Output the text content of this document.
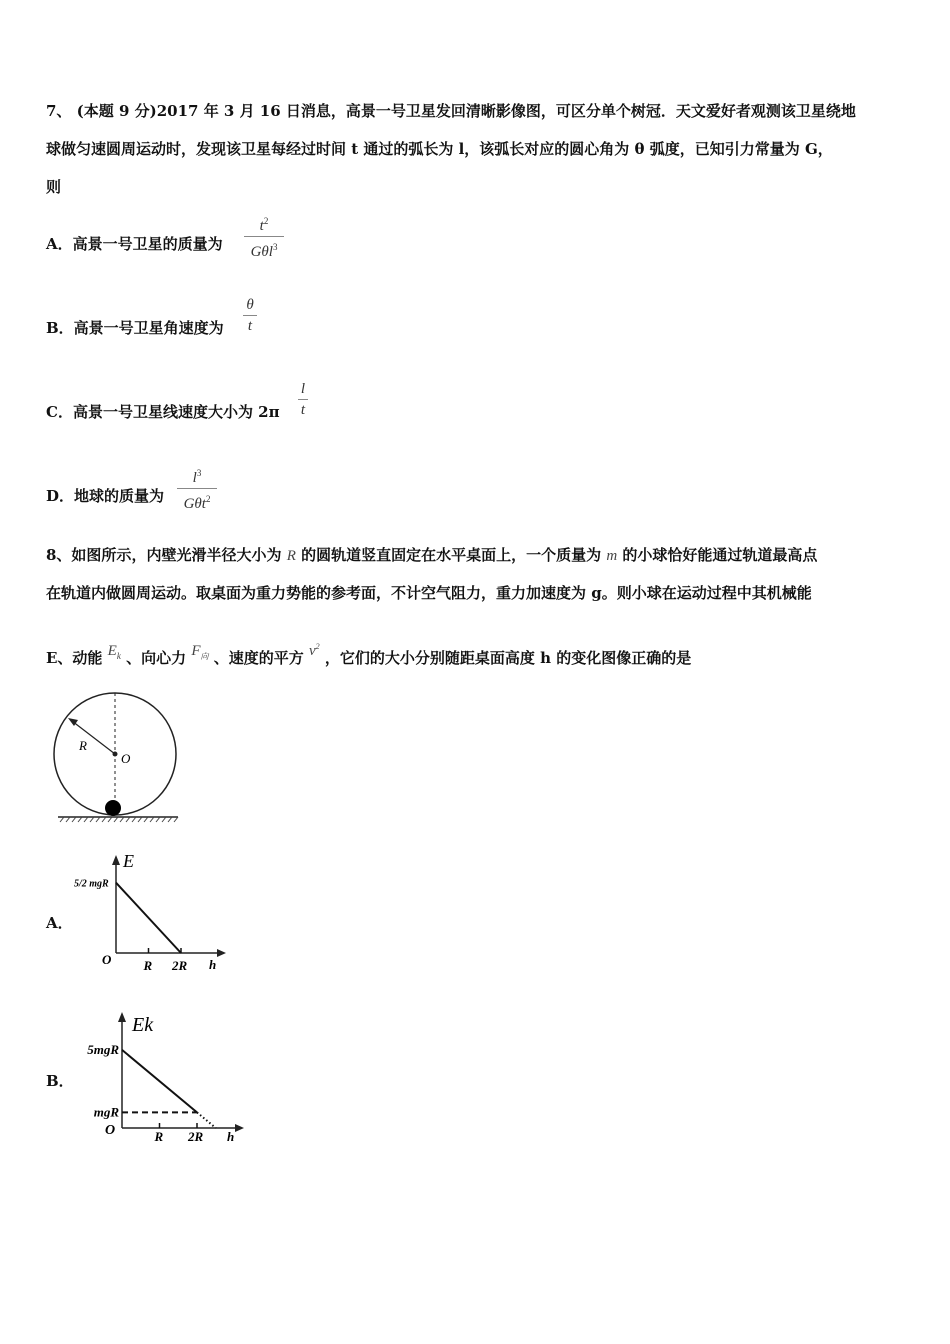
7、 (本题 9 分)2017 年 3 月 16 日消息，高景一号卫星发回清晰影像图，可区分单个树冠．天文爱好者观测该卫星绕地
球做匀速圆周运动时，发现该卫星每经过时间 t 通过的弧长为 l，该弧长对应的圆心角为 θ 弧度，已知引力常量为 G，
则
A．高景一号卫星的质量为
$t^2$
Gθl$^3$
B．高景一号卫星角速度为
θ
t
C．高景一号卫星线速度大小为 2π
l
t
D．地球的质量为
$l^3$
Gθt$^2$
8、如图所示，内壁光滑半径大小为 R 的圆轨道竖直固定在水平桌面上，一个质量为 m 的小球恰好能通过轨道最高点
在轨道内做圆周运动。取桌面为重力势能的参考面，不计空气阻力，重力加速度为 g。则小球在运动过程中其机械能
E、动能 $E_k$ 、向心力 $F_向$ 、速度的平方 $v^2$ ，它们的大小分别随距桌面高度 h 的变化图像正确的是
R
O
A．
E
O	h
5/2 mgR
R 2R
B．
Ek
O	h
R 2R
5mgR
mgR
